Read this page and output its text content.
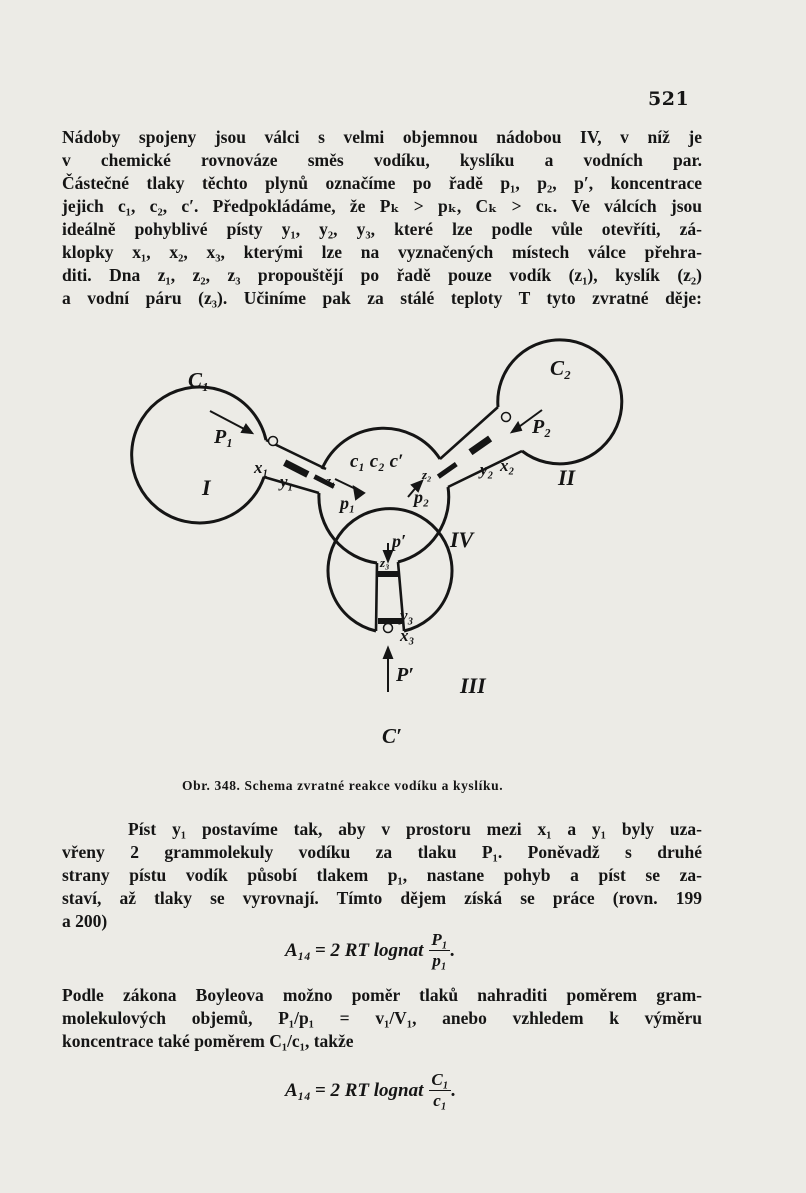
521
Nádoby spojeny jsou válci s velmi objemnou nádobou IV, v níž je
v chemické rovnováze směs vodíku, kyslíku a vodních par.
Částečné tlaky těchto plynů označíme po řadě p₁, p₂, p′, koncentrace
jejich c₁, c₂, c′. Předpokládáme, že Pₖ > pₖ, Cₖ > cₖ. Ve válcích jsou
ideálně pohyblivé písty y₁, y₂, y₃, které lze podle vůle otevříti, zá-
klopky x₁, x₂, x₃, kterými lze na vyznačených místech válce přehra-
diti. Dna z₁, z₂, z₃ propouštějí po řadě pouze vodík (z₁), kyslík (z₂)
a vodní páru (z₃). Učiníme pak za stálé teploty T tyto zvratné děje:
C₁	C₂
C′
c₁ c₂ c′
I	II
III
IV
P₁	P₂
P′
p₁	p₂
p′
x₁	x₂
x₃
y₁
y₂
y₃
z₁	z₂
z₃
Obr. 348. Schema zvratné reakce vodíku a kyslíku.
Píst y₁ postavíme tak, aby v prostoru mezi x₁ a y₁ byly uza-
vřeny 2 grammolekuly vodíku za tlaku P₁. Poněvadž s druhé
strany pístu vodík působí tlakem p₁, nastane pohyb a píst se za-
staví, až tlaky se vyrovnají. Tímto dějem získá se práce (rovn. 199
a 200)
A₁₄ = 2 RT lognat $\frac{\text{P₁}}{\text{p₁}}$ .
Podle zákona Boyleova možno poměr tlaků nahraditi poměrem gram-
molekulových objemů, P₁/p₁ = v₁/V₁, anebo vzhledem k výměru
koncentrace také poměrem C₁/c₁, takže
A₁₄ = 2 RT lognat $\frac{\text{C₁}}{\text{c₁}}$ .
